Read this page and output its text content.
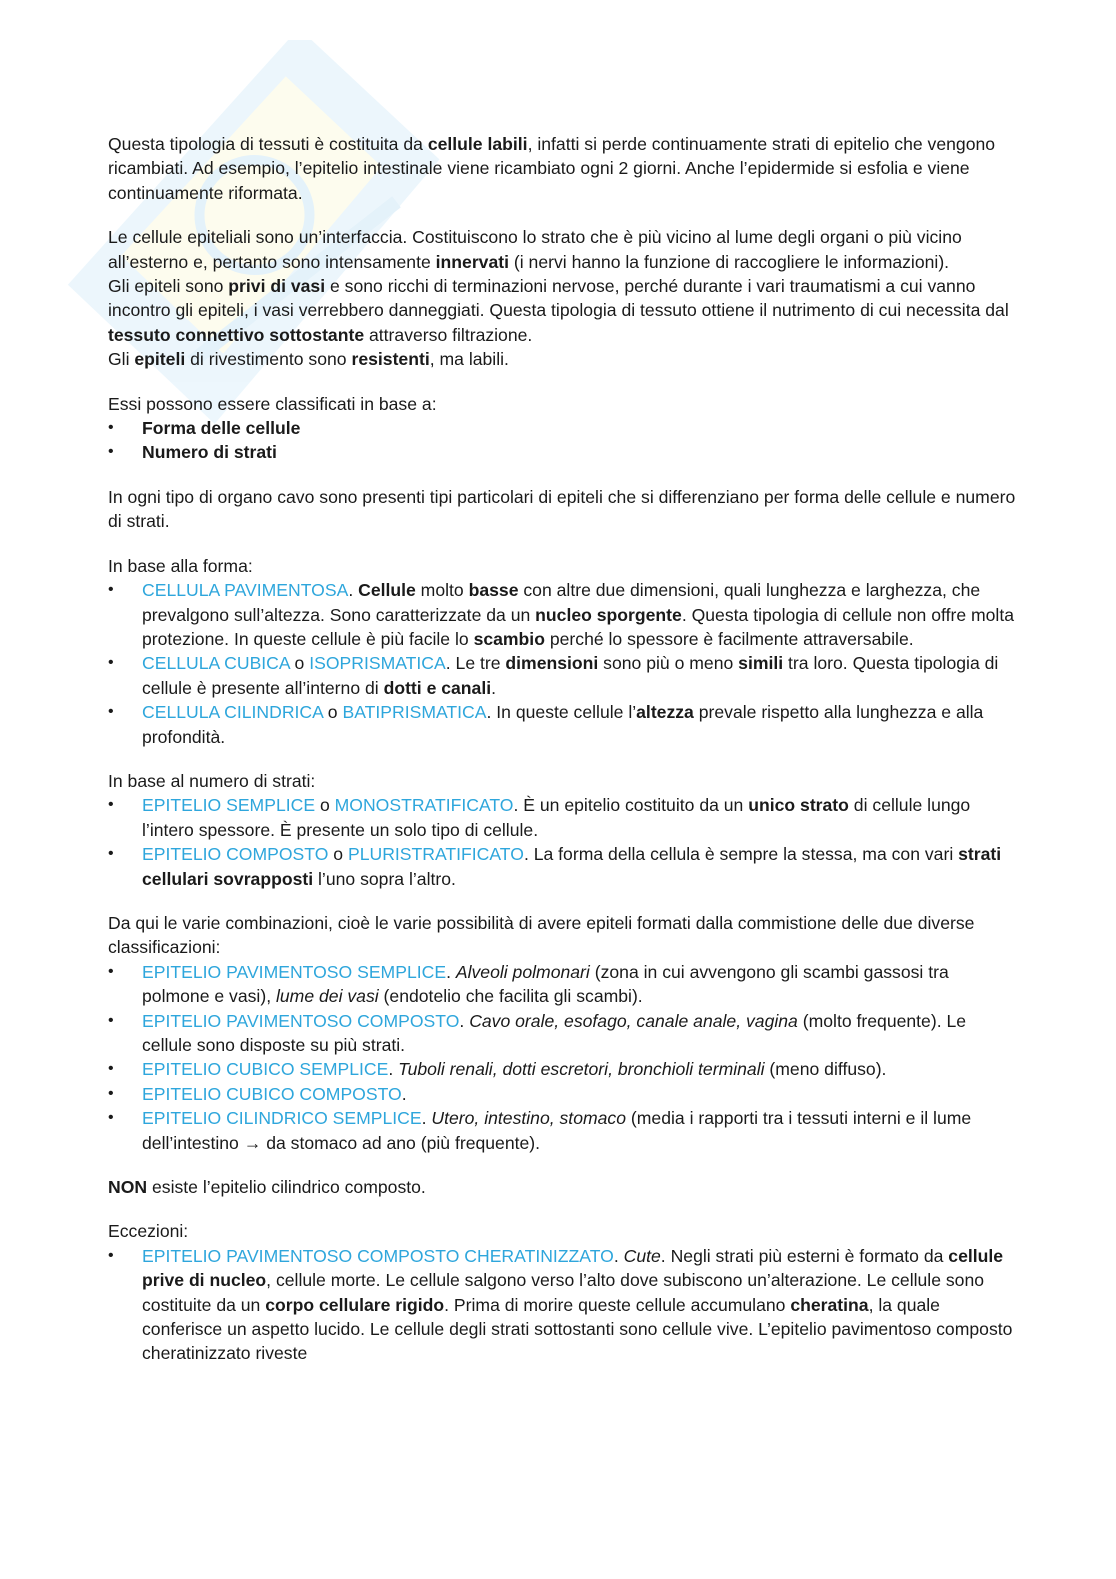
Questa tipologia di tessuti è costituita da cellule labili, infatti si perde continuamente strati di epitelio che vengono ricambiati. Ad esempio, l’epitelio intestinale viene ricambiato ogni 2 giorni. Anche l’epidermide si esfolia e viene continuamente riformata.

Le cellule epiteliali sono un’interfaccia. Costituiscono lo strato che è più vicino al lume degli organi o più vicino all’esterno e, pertanto sono intensamente innervati (i nervi hanno la funzione di raccogliere le informazioni).

Gli epiteli sono privi di vasi e sono ricchi di terminazioni nervose, perché durante i vari traumatismi a cui vanno incontro gli epiteli, i vasi verrebbero danneggiati. Questa tipologia di tessuto ottiene il nutrimento di cui necessita dal tessuto connettivo sottostante attraverso filtrazione.

Gli epiteli di rivestimento sono resistenti, ma labili.

Essi possono essere classificati in base a:

• Forma delle cellule
• Numero di strati

In ogni tipo di organo cavo sono presenti tipi particolari di epiteli che si differenziano per forma delle cellule e numero di strati.

In base alla forma:

• CELLULA PAVIMENTOSA. Cellule molto basse con altre due dimensioni, quali lunghezza e larghezza, che prevalgono sull’altezza. Sono caratterizzate da un nucleo sporgente. Questa tipologia di cellule non offre molta protezione. In queste cellule è più facile lo scambio perché lo spessore è facilmente attraversabile.
• CELLULA CUBICA o ISOPRISMATICA. Le tre dimensioni sono più o meno simili tra loro. Questa tipologia di cellule è presente all’interno di dotti e canali.
• CELLULA CILINDRICA o BATIPRISMATICA. In queste cellule l’altezza prevale rispetto alla lunghezza e alla profondità.

In base al numero di strati:

• EPITELIO SEMPLICE o MONOSTRATIFICATO. È un epitelio costituito da un unico strato di cellule lungo l’intero spessore. È presente un solo tipo di cellule.
• EPITELIO COMPOSTO o PLURISTRATIFICATO. La forma della cellula è sempre la stessa, ma con vari strati cellulari sovrapposti l’uno sopra l’altro.

Da qui le varie combinazioni, cioè le varie possibilità di avere epiteli formati dalla commistione delle due diverse classificazioni:

• EPITELIO PAVIMENTOSO SEMPLICE. Alveoli polmonari (zona in cui avvengono gli scambi gassosi tra polmone e vasi), lume dei vasi (endotelio che facilita gli scambi).
• EPITELIO PAVIMENTOSO COMPOSTO. Cavo orale, esofago, canale anale, vagina (molto frequente). Le cellule sono disposte su più strati.
• EPITELIO CUBICO SEMPLICE. Tuboli renali, dotti escretori, bronchioli terminali (meno diffuso).
• EPITELIO CUBICO COMPOSTO.
• EPITELIO CILINDRICO SEMPLICE. Utero, intestino, stomaco (media i rapporti tra i tessuti interni e il lume dell’intestino → da stomaco ad ano (più frequente).

NON esiste l’epitelio cilindrico composto.

Eccezioni:

• EPITELIO PAVIMENTOSO COMPOSTO CHERATINIZZATO. Cute. Negli strati più esterni è formato da cellule prive di nucleo, cellule morte. Le cellule salgono verso l’alto dove subiscono un’alterazione. Le cellule sono costituite da un corpo cellulare rigido. Prima di morire queste cellule accumulano cheratina, la quale conferisce un aspetto lucido. Le cellule degli strati sottostanti sono cellule vive. L’epitelio pavimentoso composto cheratinizzato riveste
